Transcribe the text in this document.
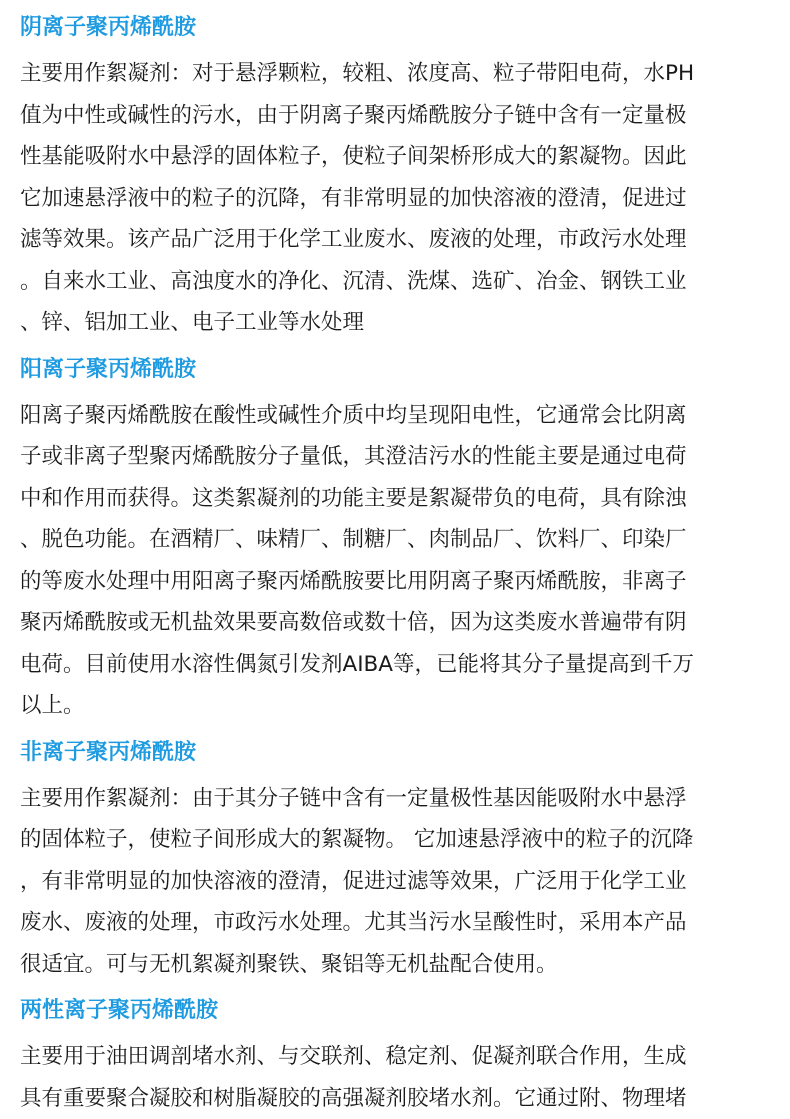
阴离子聚丙烯酰胺

主要用作絮凝剂：对于悬浮颗粒，较粗、浓度高、粒子带阳电荷，水PH
值为中性或碱性的污水，由于阴离子聚丙烯酰胺分子链中含有一定量极
性基能吸附水中悬浮的固体粒子，使粒子间架桥形成大的絮凝物。因此
它加速悬浮液中的粒子的沉降，有非常明显的加快溶液的澄清，促进过
滤等效果。该产品广泛用于化学工业废水、废液的处理，市政污水处理
。自来水工业、高浊度水的净化、沉清、洗煤、选矿、冶金、钢铁工业
、锌、铝加工业、电子工业等水处理

阳离子聚丙烯酰胺

阳离子聚丙烯酰胺在酸性或碱性介质中均呈现阳电性，它通常会比阴离
子或非离子型聚丙烯酰胺分子量低，其澄洁污水的性能主要是通过电荷
中和作用而获得。这类絮凝剂的功能主要是絮凝带负的电荷，具有除浊
、脱色功能。在酒精厂、味精厂、制糖厂、肉制品厂、饮料厂、印染厂
的等废水处理中用阳离子聚丙烯酰胺要比用阴离子聚丙烯酰胺，非离子
聚丙烯酰胺或无机盐效果要高数倍或数十倍，因为这类废水普遍带有阴
电荷。目前使用水溶性偶氮引发剂AIBA等，已能将其分子量提高到千万
以上。

非离子聚丙烯酰胺

主要用作絮凝剂：由于其分子链中含有一定量极性基因能吸附水中悬浮
的固体粒子，使粒子间形成大的絮凝物。 它加速悬浮液中的粒子的沉降
，有非常明显的加快溶液的澄清，促进过滤等效果，广泛用于化学工业
废水、废液的处理，市政污水处理。尤其当污水呈酸性时，采用本产品
很适宜。可与无机絮凝剂聚铁、聚铝等无机盐配合使用。

两性离子聚丙烯酰胺

主要用于油田调剖堵水剂、与交联剂、稳定剂、促凝剂联合作用，生成
具有重要聚合凝胶和树脂凝胶的高强凝剂胶堵水剂。它通过附、物理堵
